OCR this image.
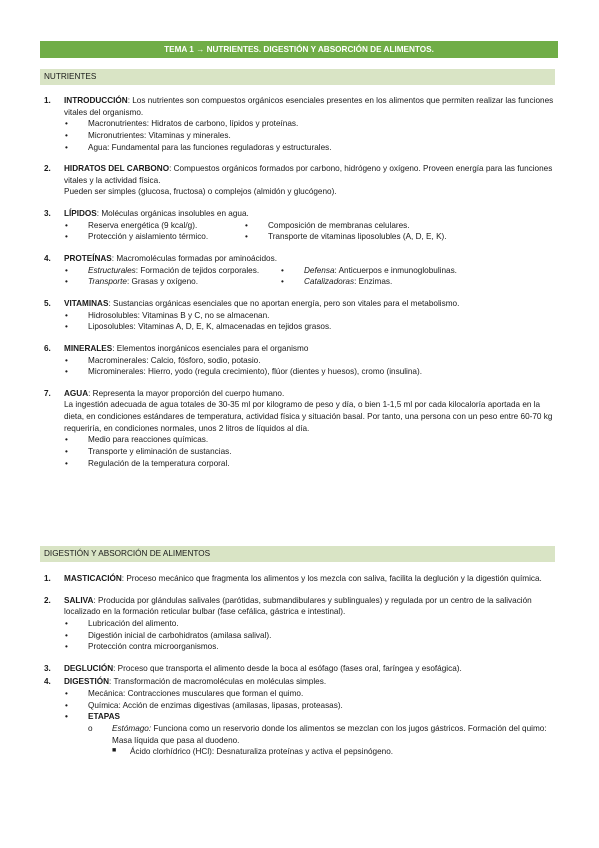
TEMA 1 → NUTRIENTES. DIGESTIÓN Y ABSORCIÓN DE ALIMENTOS.
NUTRIENTES
1. INTRODUCCIÓN: Los nutrientes son compuestos orgánicos esenciales presentes en los alimentos que permiten realizar las funciones vitales del organismo.
• Macronutrientes: Hidratos de carbono, lípidos y proteínas.
• Micronutrientes: Vitaminas y minerales.
• Agua: Fundamental para las funciones reguladoras y estructurales.
2. HIDRATOS DEL CARBONO: Compuestos orgánicos formados por carbono, hidrógeno y oxígeno. Proveen energía para las funciones vitales y la actividad física.
Pueden ser simples (glucosa, fructosa) o complejos (almidón y glucógeno).
3. LÍPIDOS: Moléculas orgánicas insolubles en agua.
• Reserva energética (9 kcal/g).
• Protección y aislamiento térmico.
• Composición de membranas celulares.
• Transporte de vitaminas liposolubles (A, D, E, K).
4. PROTEÍNAS: Macromoléculas formadas por aminoácidos.
• Estructurales: Formación de tejidos corporales.
• Transporte: Grasas y oxígeno.
• Defensa: Anticuerpos e inmunoglobulinas.
• Catalizadoras: Enzimas.
5. VITAMINAS: Sustancias orgánicas esenciales que no aportan energía, pero son vitales para el metabolismo.
• Hidrosolubles: Vitaminas B y C, no se almacenan.
• Liposolubles: Vitaminas A, D, E, K, almacenadas en tejidos grasos.
6. MINERALES: Elementos inorgánicos esenciales para el organismo
• Macrominerales: Calcio, fósforo, sodio, potasio.
• Microminerales: Hierro, yodo (regula crecimiento), flúor (dientes y huesos), cromo (insulina).
7. AGUA: Representa la mayor proporción del cuerpo humano.
La ingestión adecuada de agua totales de 30-35 ml por kilogramo de peso y día, o bien 1-1,5 ml por cada kilocaloría aportada en la dieta, en condiciones estándares de temperatura, actividad física y situación basal. Por tanto, una persona con un peso entre 60-70 kg requeriría, en condiciones normales, unos 2 litros de líquidos al día.
• Medio para reacciones químicas.
• Transporte y eliminación de sustancias.
• Regulación de la temperatura corporal.
DIGESTIÓN Y ABSORCIÓN DE ALIMENTOS
1. MASTICACIÓN: Proceso mecánico que fragmenta los alimentos y los mezcla con saliva, facilita la deglución y la digestión química.
2. SALIVA: Producida por glándulas salivales (parótidas, submandibulares y sublinguales) y regulada por un centro de la salivación localizado en la formación reticular bulbar (fase cefálica, gástrica e intestinal).
• Lubricación del alimento.
• Digestión inicial de carbohidratos (amilasa salival).
• Protección contra microorganismos.
3. DEGLUCIÓN: Proceso que transporta el alimento desde la boca al esófago (fases oral, faríngea y esofágica).
4. DIGESTIÓN: Transformación de macromoléculas en moléculas simples.
• Mecánica: Contracciones musculares que forman el quimo.
• Química: Acción de enzimas digestivas (amilasas, lipasas, proteasas).
• ETAPAS
o Estómago: Funciona como un reservorio donde los alimentos se mezclan con los jugos gástricos. Formación del quimo: Masa líquida que pasa al duodeno.
■ Ácido clorhídrico (HCl): Desnaturaliza proteínas y activa el pepsinógeno.
